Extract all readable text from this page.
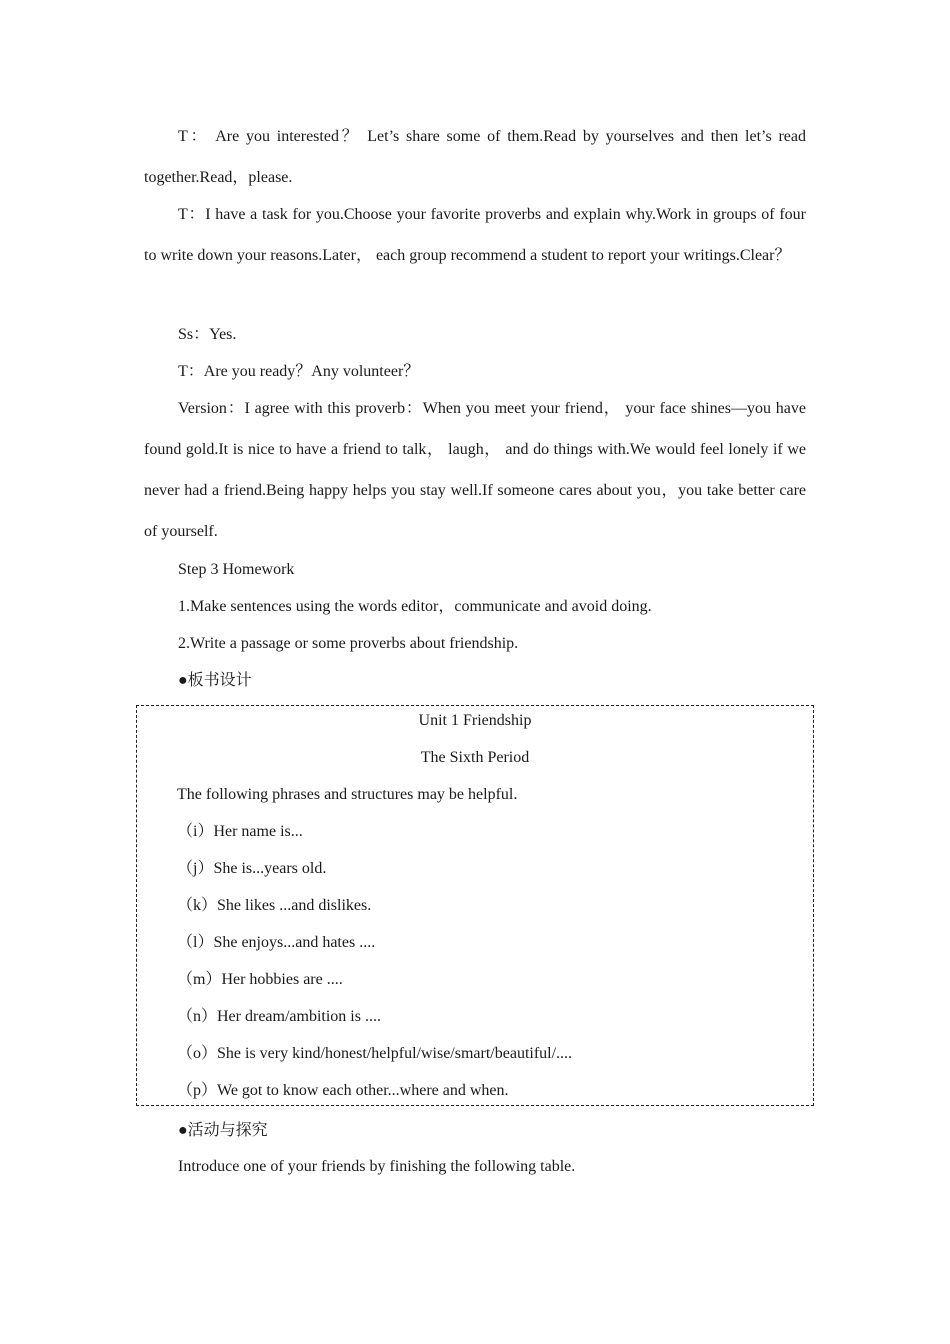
T： Are you interested？ Let’s share some of them.Read by yourselves and then let’s read together.Read，please.

T：I have a task for you.Choose your favorite proverbs and explain why.Work in groups of four to write down your reasons.Later， each group recommend a student to report your writings.Clear？

Ss：Yes.
T：Are you ready？Any volunteer？

Version：I agree with this proverb：When you meet your friend， your face shines—you have found gold.It is nice to have a friend to talk， laugh， and do things with.We would feel lonely if we never had a friend.Being happy helps you stay well.If someone cares about you，you take better care of yourself.

Step 3 Homework
1.Make sentences using the words editor，communicate and avoid doing.
2.Write a passage or some proverbs about friendship.
●板书设计
Unit 1 Friendship
The Sixth Period
The following phrases and structures may be helpful.
（i）Her name is...
（j）She is...years old.
（k）She likes ...and dislikes.
（l）She enjoys...and hates ....
（m）Her hobbies are ....
（n）Her dream/ambition is ....
（o）She is very kind/honest/helpful/wise/smart/beautiful/....
（p）We got to know each other...where and when.
●活动与探究
Introduce one of your friends by finishing the following table.
